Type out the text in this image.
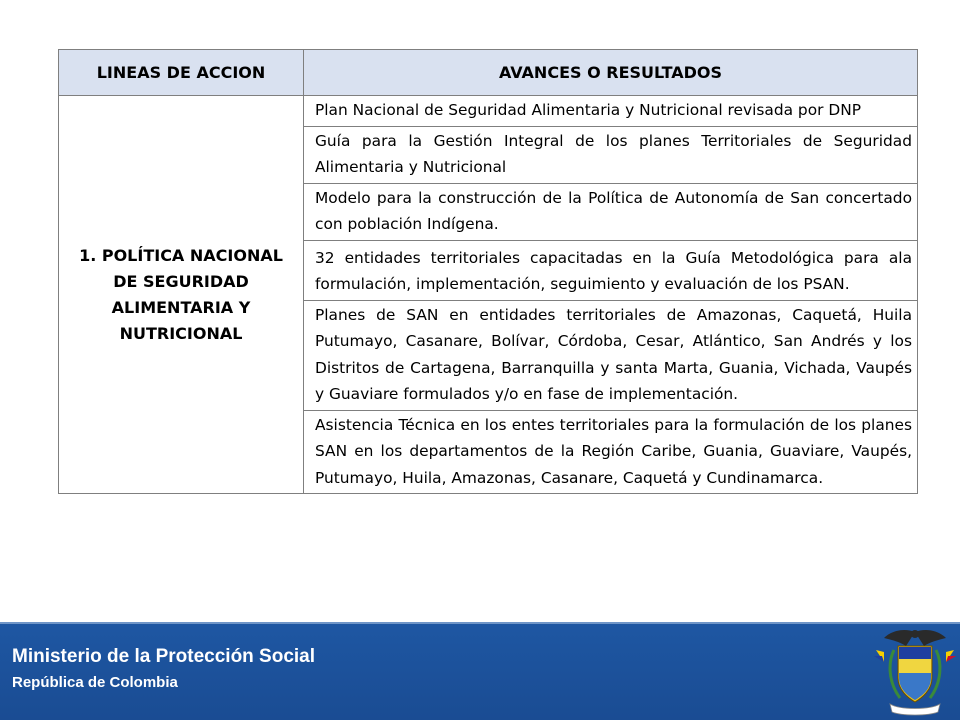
LINEAS DE ACCION	AVANCES O RESULTADOS
1. POLÍTICA NACIONAL DE SEGURIDAD ALIMENTARIA Y NUTRICIONAL	Plan Nacional de Seguridad Alimentaria y Nutricional revisada por DNP
	Guía para la Gestión Integral de los planes Territoriales de Seguridad Alimentaria y Nutricional
	Modelo para la construcción de la Política de Autonomía de San concertado con población Indígena.
	32 entidades territoriales capacitadas en la Guía Metodológica para ala formulación, implementación, seguimiento y evaluación de los PSAN.
	Planes de SAN en entidades territoriales de Amazonas, Caquetá, Huila Putumayo, Casanare, Bolívar, Córdoba, Cesar, Atlántico, San Andrés y los Distritos de Cartagena, Barranquilla y santa Marta, Guania, Vichada, Vaupés y Guaviare formulados y/o en fase de implementación.
	Asistencia Técnica en los entes territoriales para la formulación de los planes SAN en los departamentos de la Región Caribe, Guania, Guaviare, Vaupés, Putumayo, Huila, Amazonas, Casanare, Caquetá y Cundinamarca.
Ministerio de la Protección Social
República de Colombia
